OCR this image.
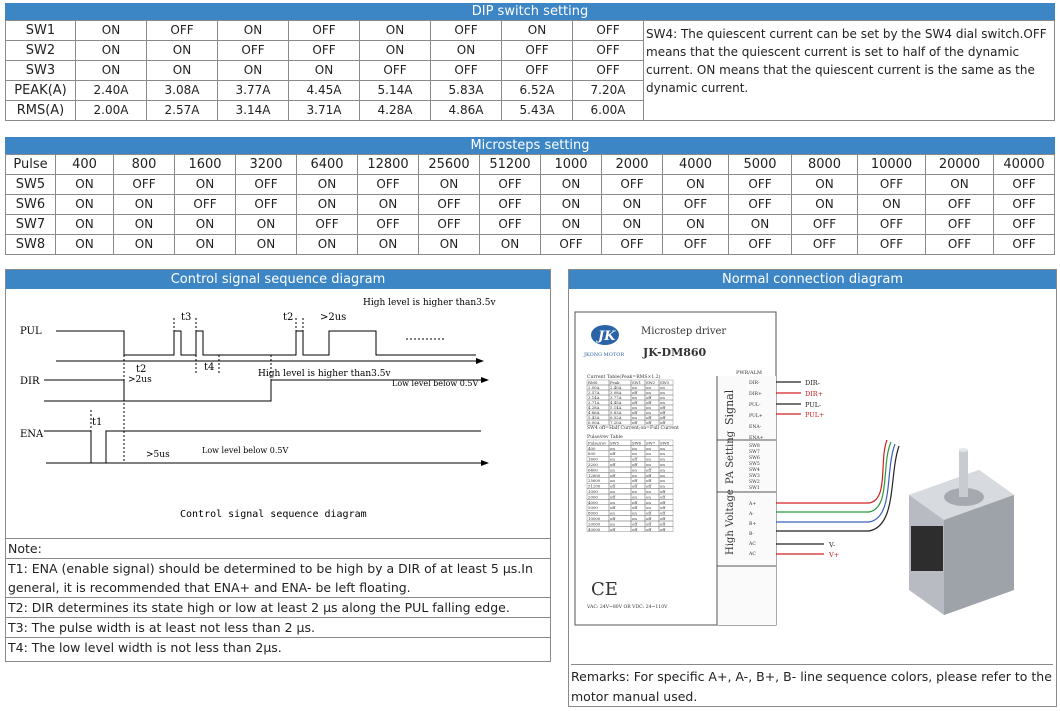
DIP switch setting
SW1	ON	OFF	ON	OFF	ON	OFF	ON	OFF	SW4: The quiescent current can be set by the SW4 dial switch.OFF means that the quiescent current is set to half of the dynamic current. ON means that the quiescent current is the same as the dynamic current.
SW2	ON	ON	OFF	OFF	ON	ON	OFF	OFF	
SW3	ON	ON	ON	ON	OFF	OFF	OFF	OFF	
PEAK(A)	2.40A	3.08A	3.77A	4.45A	5.14A	5.83A	6.52A	7.20A	
RMS(A)	2.00A	2.57A	3.14A	3.71A	4.28A	4.86A	5.43A	6.00A	
Microsteps setting
Pulse	400	800	1600	3200	6400	12800	25600	51200	1000	2000	4000	5000	8000	10000	20000	40000
SW5	ON	OFF	ON	OFF	ON	OFF	ON	OFF	ON	OFF	ON	OFF	ON	OFF	ON	OFF
SW6	ON	ON	OFF	OFF	ON	ON	OFF	OFF	ON	ON	OFF	OFF	ON	ON	OFF	OFF
SW7	ON	ON	ON	ON	OFF	OFF	OFF	OFF	ON	ON	ON	ON	OFF	OFF	OFF	OFF
SW8	ON	ON	ON	ON	ON	ON	ON	ON	OFF	OFF	OFF	OFF	OFF	OFF	OFF	OFF
Control signal sequence diagram
PUL
DIR
ENA
t3	t2	>2us
High level is higher than3.5v
t2
>2us
t4
High level is higher than3.5v
Low level below 0.5V
Low level below 0.5V
t1
>5us
Control signal sequence diagram
Note:
T1: ENA (enable signal) should be determined to be high by a DIR of at least 5 μs.In general, it is recommended that ENA+ and ENA- be left floating.
T2: DIR determines its state high or low at least 2 μs along the PUL falling edge.
T3: The pulse width is at least not less than 2 μs.
T4: The low level width is not less than 2μs.
Normal connection diagram
JK
JKONG MOTOR
Microstep driver
JK-DM860
Current Table(Peak=RMS×1.2)
RMS	Peak	SW1 SW2 SW3
2.00A	2.40A	on on on
2.57A	3.08A	off on on
3.14A	3.77A	on off on
3.71A	4.45A	off off on
4.28A	5.14A	on on off
4.86A	5.83A	off on off
5.43A	6.52A	on off off
6.00A	7.20A	off off off
SW4 off=Half Current;on=Full Current
Pulse/rev Table
Pulse/rev SW5	SW6 SW7 SW8
400	on	on on on
800	off	on on on
1600	on	off on on
3200	off	off on on
6400	on	on off on
12800 off	on off on
25600 on	off off on
51200 off	off off on
1000	on	on on off
2000	off	on on off
4000	on	off on off
5000	off	off on off
8000	on	on off off
10000 off	on off off
20000 on	off off off
40000 off	off off off
CE
VAC: 24V~80V OR VDC: 24~110V
PWR/ALM
Signal
PA Setting
High Voltage
DIR-
DIR+
PUL-
PUL+
ENA-
ENA+
SW8
SW7
SW6
SW5
SW4
SW3
SW2
SW1
A+
A-
B+
B-
AC
AC
DIR-
DIR+
PUL-
PUL+
V-
V+
Remarks: For specific A+, A-, B+, B- line sequence colors, please refer to the motor manual used.
